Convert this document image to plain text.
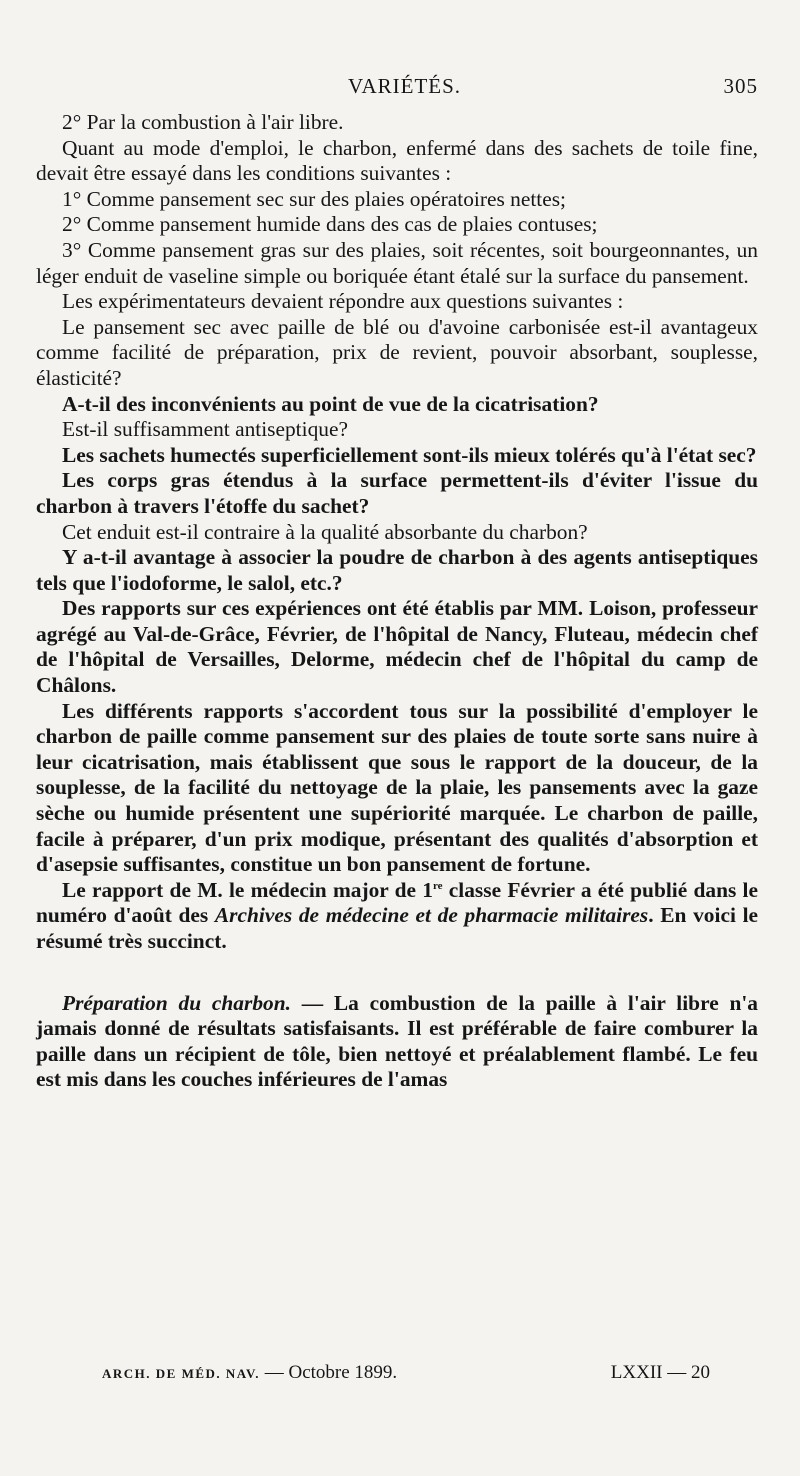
VARIÉTÉS.	305

2° Par la combustion à l'air libre.

Quant au mode d'emploi, le charbon, enfermé dans des sachets de toile fine, devait être essayé dans les conditions suivantes :

1° Comme pansement sec sur des plaies opératoires nettes;

2° Comme pansement humide dans des cas de plaies contuses;

3° Comme pansement gras sur des plaies, soit récentes, soit bourgeonnantes, un léger enduit de vaseline simple ou boriquée étant étalé sur la surface du pansement.

Les expérimentateurs devaient répondre aux questions suivantes :

Le pansement sec avec paille de blé ou d'avoine carbonisée est-il avantageux comme facilité de préparation, prix de revient, pouvoir absorbant, souplesse, élasticité?

A-t-il des inconvénients au point de vue de la cicatrisation?

Est-il suffisamment antiseptique?

Les sachets humectés superficiellement sont-ils mieux tolérés qu'à l'état sec?

Les corps gras étendus à la surface permettent-ils d'éviter l'issue du charbon à travers l'étoffe du sachet?

Cet enduit est-il contraire à la qualité absorbante du charbon?

Y a-t-il avantage à associer la poudre de charbon à des agents antiseptiques tels que l'iodoforme, le salol, etc.?

Des rapports sur ces expériences ont été établis par MM. Loison, professeur agrégé au Val-de-Grâce, Février, de l'hôpital de Nancy, Fluteau, médecin chef de l'hôpital de Versailles, Delorme, médecin chef de l'hôpital du camp de Châlons.

Les différents rapports s'accordent tous sur la possibilité d'employer le charbon de paille comme pansement sur des plaies de toute sorte sans nuire à leur cicatrisation, mais établissent que sous le rapport de la douceur, de la souplesse, de la facilité du nettoyage de la plaie, les pansements avec la gaze sèche ou humide présentent une supériorité marquée. Le charbon de paille, facile à préparer, d'un prix modique, présentant des qualités d'absorption et d'asepsie suffisantes, constitue un bon pansement de fortune.

Le rapport de M. le médecin major de 1re classe Février a été publié dans le numéro d'août des Archives de médecine et de pharmacie militaires. En voici le résumé très succinct.

Préparation du charbon. — La combustion de la paille à l'air libre n'a jamais donné de résultats satisfaisants. Il est préférable de faire comburer la paille dans un récipient de tôle, bien nettoyé et préalablement flambé. Le feu est mis dans les couches inférieures de l'amas

ARCH. DE MÉD. NAV. — Octobre 1899.	LXXII — 20
